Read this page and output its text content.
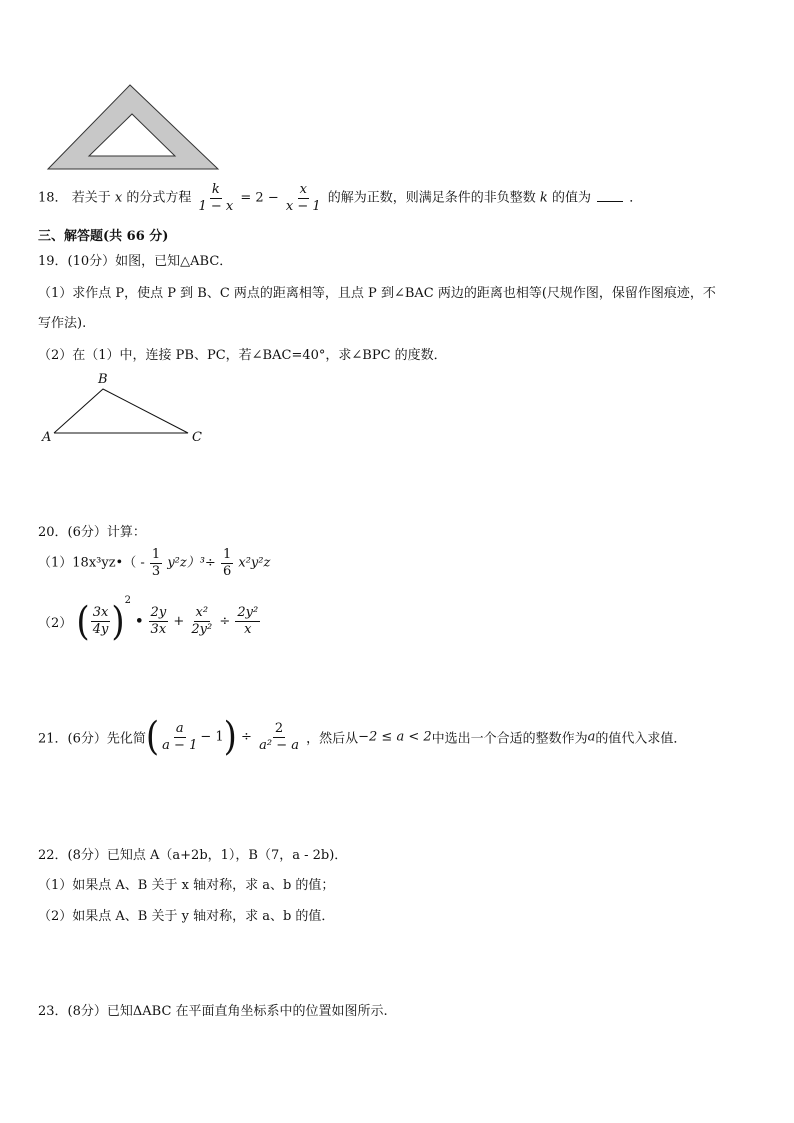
18． 若关于 x 的分式方程 $\frac{k}{1 - x} = 2 - \frac{x}{x - 1}$ 的解为正数，则满足条件的非负整数 k 的值为	．
三、解答题(共 66 分)
19．(10分）如图，已知△ABC．
（1）求作点 P，使点 P 到 B、C 两点的距离相等，且点 P 到∠BAC 两边的距离也相等(尺规作图，保留作图痕迹，不
写作法).
（2）在（1）中，连接 PB、PC，若∠BAC=40°，求∠BPC 的度数．
A
B
C
20．(6分）计算：
（1）18x³yz•（ - $\frac{1}{3} y^2z)^3\div \frac{1}{6} x^2y^2z$
（2） ( $\frac{3x}{4y} )^2$ • $\frac{2y}{3x} + \frac{\text{x²}}{\text{2y²}} \div \frac{\text{2y²}}{x}$
21．(6分）先化简( $\frac{a}{a - 1} - 1) \div \frac{2}{\text{a² − a}}$ ，然后从−2 ≤ a < 2中选出一个合适的整数作为a的值代入求值．
22．(8分）已知点 A（a+2b，1），B（7，a - 2b)．
（1）如果点 A、B 关于 x 轴对称，求 a、b 的值；
（2）如果点 A、B 关于 y 轴对称，求 a、b 的值．
23．(8分）已知ΔABC 在平面直角坐标系中的位置如图所示.
